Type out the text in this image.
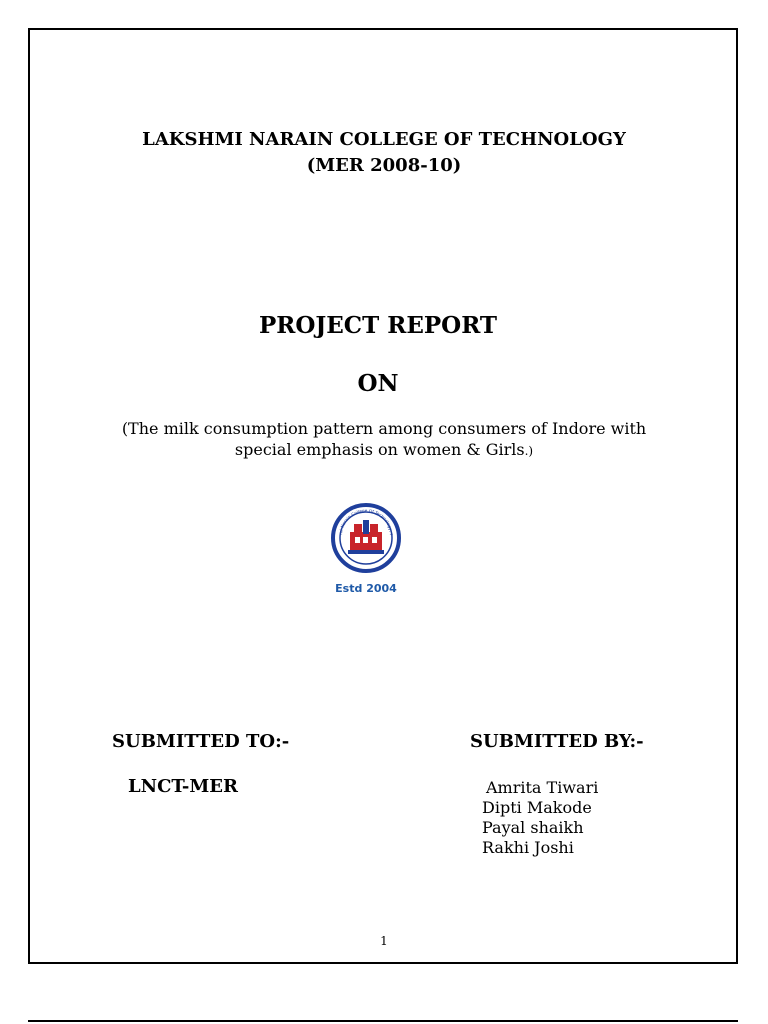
LAKSHMI NARAIN COLLEGE OF TECHNOLOGY
(MER 2008-10)
PROJECT REPORT
ON
(The milk consumption pattern among consumers of Indore with
special emphasis on women & Girls.)
mi Narain College Of Technology, I
Estd 2004
SUBMITTED TO:-	SUBMITTED BY:-
LNCT-MER	Amrita Tiwari
Dipti Makode
Payal shaikh
Rakhi Joshi
1
